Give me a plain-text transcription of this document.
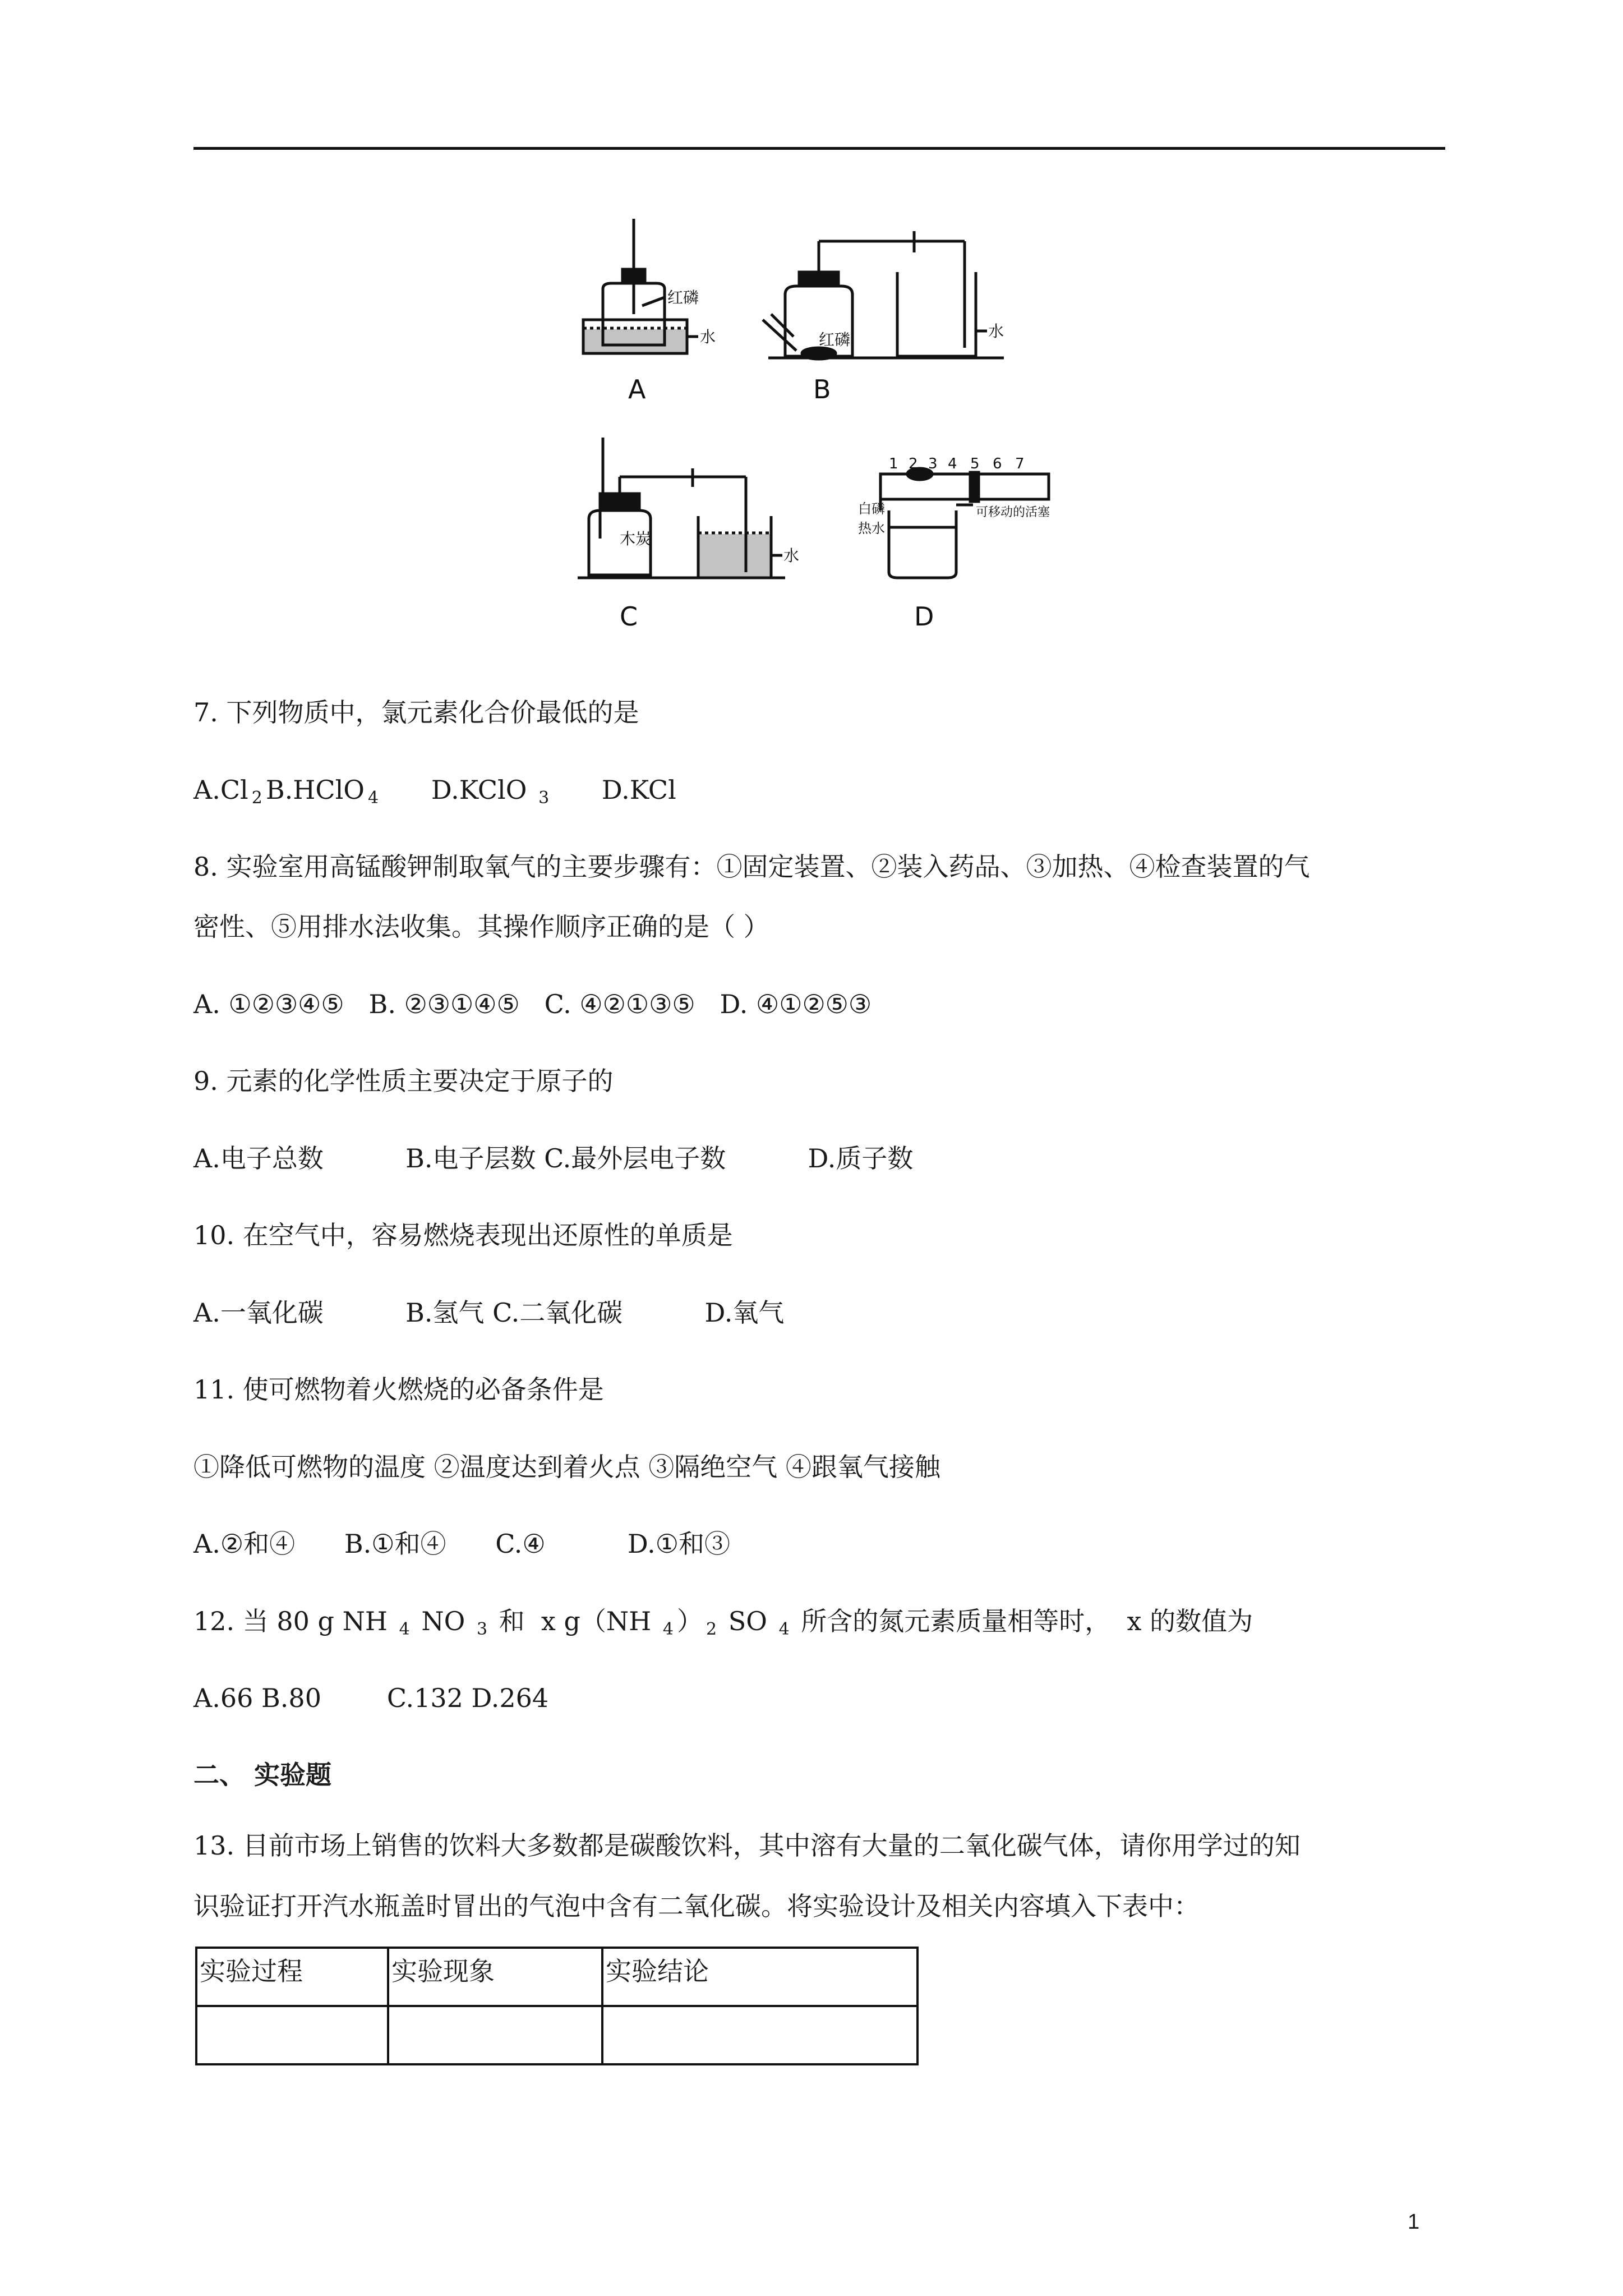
红磷
水	红磷	水
木炭
水
白磷
热水
可移动的活塞
1 2 3 4 5 6 7
A	B
C	D
7. 下列物质中，氯元素化合价最低的是
$A.Cl_2B.HClO_4$      D.KClO $_3$      D.KCl
8. 实验室用高锰酸钾制取氧气的主要步骤有：①固定装置、②装入药品、③加热、④检查装置的气
密性、⑤用排水法收集。其操作顺序正确的是（ ）
A. ①②③④⑤   B. ②③①④⑤   C. ④②①③⑤   D. ④①②⑤③
9. 元素的化学性质主要决定于原子的
A.电子总数          B.电子层数 C.最外层电子数          D.质子数
10. 在空气中，容易燃烧表现出还原性的单质是
A.一氧化碳          B.氢气 C.二氧化碳          D.氧气
11. 使可燃物着火燃烧的必备条件是
①降低可燃物的温度 ②温度达到着火点 ③隔绝空气 ④跟氧气接触
A.②和④      B.①和④      C.④          D.①和③
12. 当 80 g NH $_4$ NO $_3$ 和  x g（NH $_4$ ） $_2$ SO $_4$ 所含的氮元素质量相等时，  x 的数值为
A.66 B.80        C.132 D.264
二、 实验题
13. 目前市场上销售的饮料大多数都是碳酸饮料，其中溶有大量的二氧化碳气体，请你用学过的知
识验证打开汽水瓶盖时冒出的气泡中含有二氧化碳。将实验设计及相关内容填入下表中：
实验过程	实验现象	实验结论

1
